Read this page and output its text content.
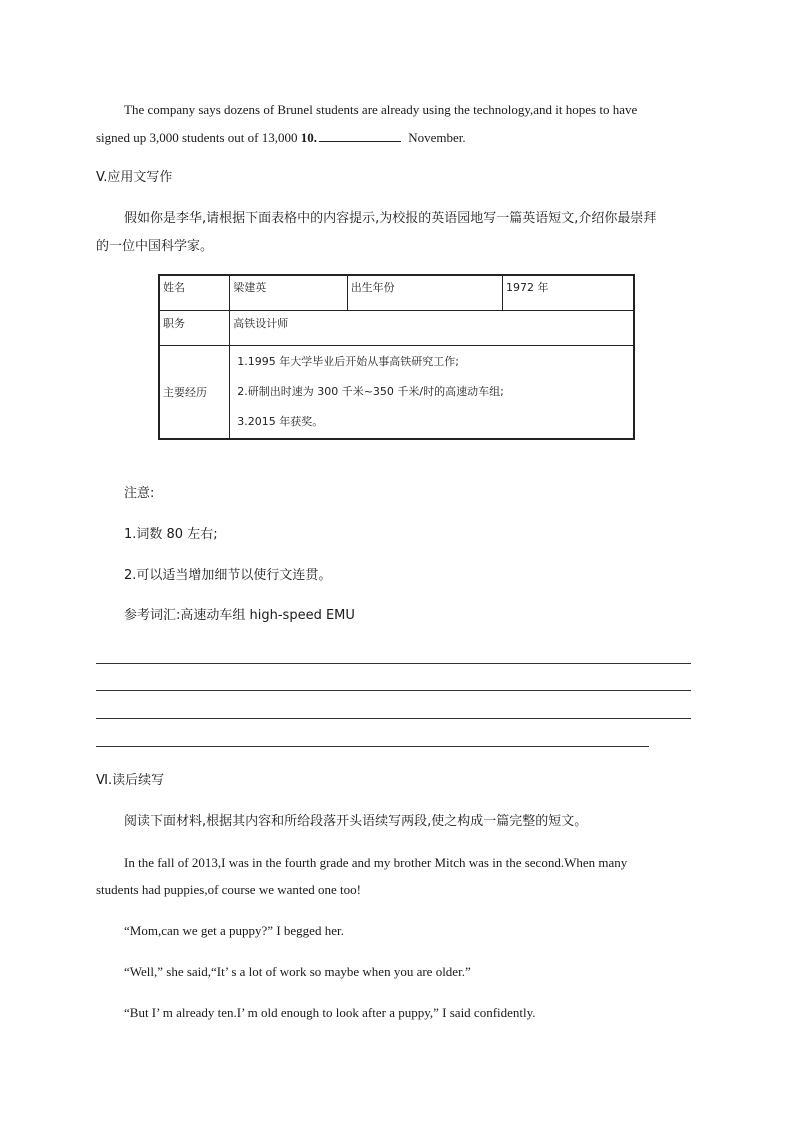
The company says dozens of Brunel students are already using the technology,and it hopes to have
signed up 3,000 students out of 13,000 10.	November.
V.应用文写作
假如你是李华,请根据下面表格中的内容提示,为校报的英语园地写一篇英语短文,介绍你最崇拜
的一位中国科学家。
姓名	梁建英	出生年份	1972 年
职务	高铁设计师		
主要经历	1.1995 年大学毕业后开始从事高铁研究工作;
2.研制出时速为 300 千米~350 千米/时的高速动车组;
3.2015 年获奖。		
注意:
1.词数 80 左右;
2.可以适当增加细节以使行文连贯。
参考词汇:高速动车组 high-speed EMU
Ⅵ.读后续写
阅读下面材料,根据其内容和所给段落开头语续写两段,使之构成一篇完整的短文。
In the fall of 2013,I was in the fourth grade and my brother Mitch was in the second.When many
students had puppies,of course we wanted one too!
“Mom,can we get a puppy?” I begged her.
“Well,” she said,“It’ s a lot of work so maybe when you are older.”
“But I’ m already ten.I’ m old enough to look after a puppy,” I said confidently.
